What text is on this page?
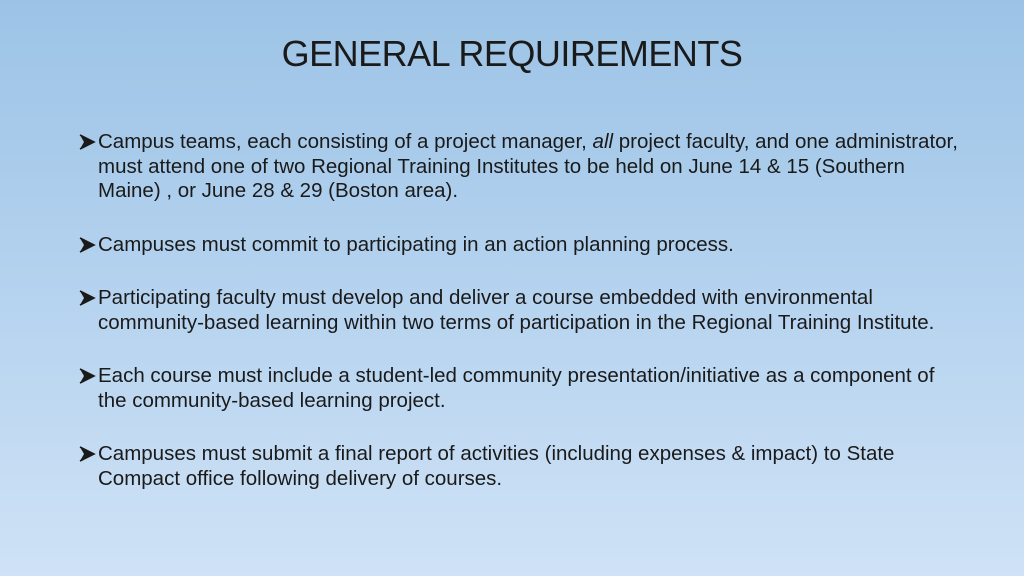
GENERAL REQUIREMENTS
Campus teams, each consisting of a project manager, all project faculty, and one administrator, must attend one of two Regional Training Institutes to be held on June 14 & 15 (Southern Maine) , or June 28 & 29 (Boston area).
Campuses must commit to participating in an action planning process.
Participating faculty must develop and deliver a course embedded with environmental community-based learning within two terms of participation in the Regional Training Institute.
Each course must include a student-led community presentation/initiative as a component of the community-based learning project.
Campuses must submit a final report of activities (including expenses & impact) to State Compact office following delivery of courses.
